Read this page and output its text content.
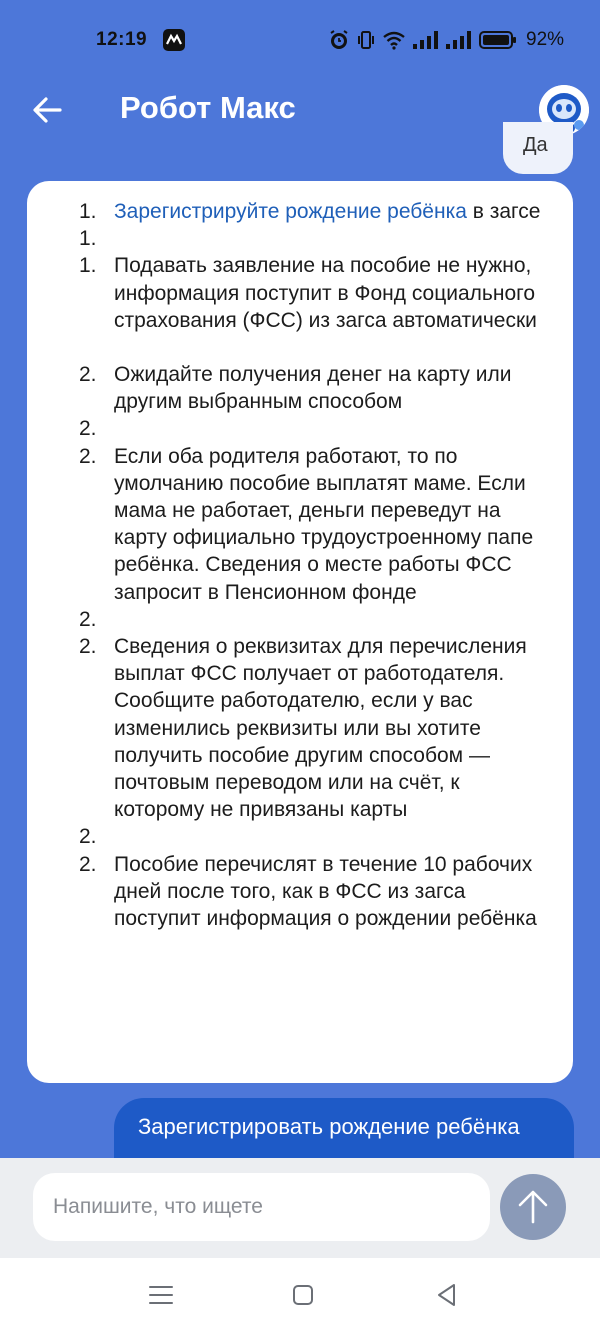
12:19	92%
Робот Макс
Да
1. Зарегистрируйте рождение ребёнка в загсе
1.

1. Подавать заявление на пособие не нужно, информация поступит в Фонд социального страхования (ФСС) из загса автоматически
2. Ожидайте получения денег на карту или другим выбранным способом
2.

2. Если оба родителя работают, то по умолчанию пособие выплатят маме. Если мама не работает, деньги переведут на карту официально трудоустроенному папе ребёнка. Сведения о месте работы ФСС запросит в Пенсионном фонде
2.

2. Сведения о реквизитах для перечисления выплат ФСС получает от работодателя. Сообщите работодателю, если у вас изменились реквизиты или вы хотите получить пособие другим способом — почтовым переводом или на счёт, к которому не привязаны карты
2.

2. Пособие перечислят в течение 10 рабочих дней после того, как в ФСС из загса поступит информация о рождении ребёнка
Зарегистрировать рождение ребёнка
Напишите, что ищете
